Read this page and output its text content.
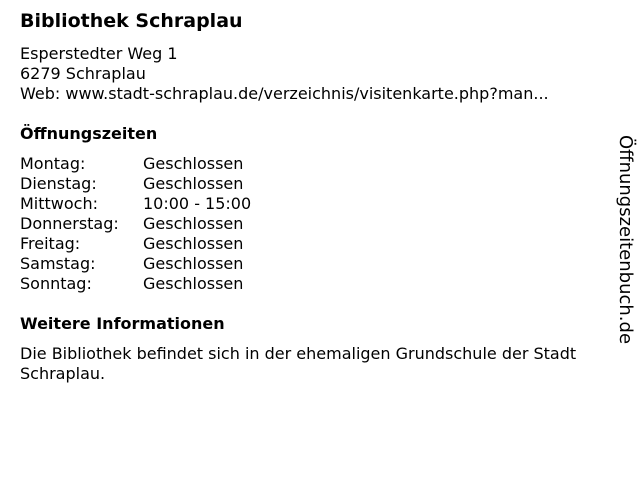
Bibliothek Schraplau
Esperstedter Weg 1
6279 Schraplau
Web: www.stadt-schraplau.de/verzeichnis/visitenkarte.php?man...
Öffnungszeiten
Montag:	Geschlossen
Dienstag:	Geschlossen
Mittwoch:	10:00 - 15:00
Donnerstag:	Geschlossen
Freitag:	Geschlossen
Samstag:	Geschlossen
Sonntag:	Geschlossen
Weitere Informationen
Die Bibliothek befindet sich in der ehemaligen Grundschule der Stadt Schraplau.
Öffnungszeitenbuch.de
